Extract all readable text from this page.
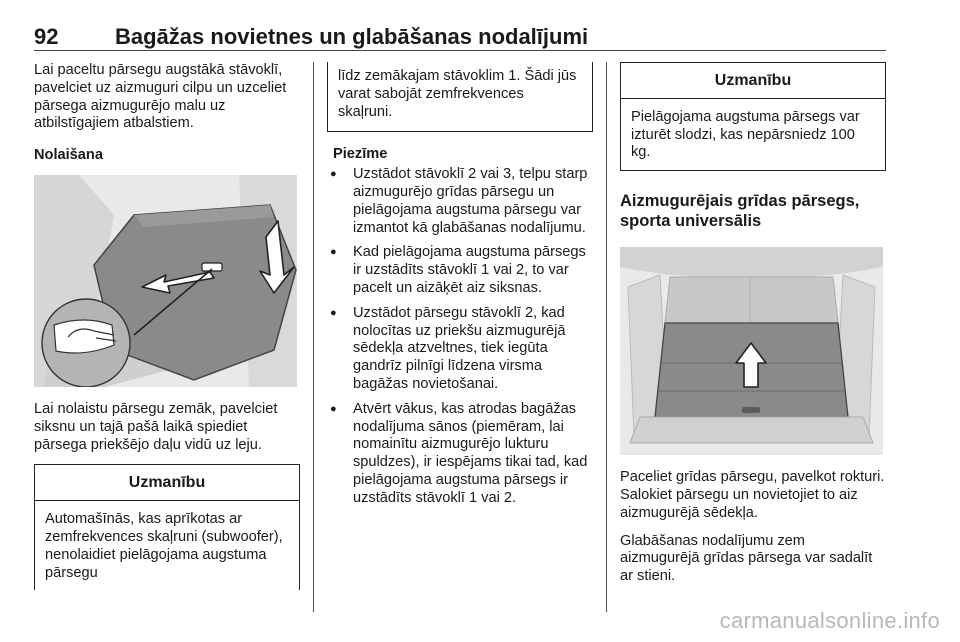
92	Bagāžas novietnes un glabāšanas nodalījumi

Lai paceltu pārsegu augstākā stāvoklī, pavelciet uz aizmuguri cilpu un uzceliet pārsega aizmugurējo malu uz atbilstīgajiem atbalstiem.

Nolaišana

Lai nolaistu pārsegu zemāk, pavelciet siksnu un tajā pašā laikā spiediet pārsega priekšējo daļu vidū uz leju.

Uzmanību

Automašīnās, kas aprīkotas ar zemfrekvences skaļruni (subwoofer), nenolaidiet pielāgojama augstuma pārsegu

līdz zemākajam stāvoklim 1. Šādi jūs varat sabojāt zemfrekvences skaļruni.

Piezīme
● Uzstādot stāvoklī 2 vai 3, telpu starp aizmugurējo grīdas pārsegu un pielāgojama augstuma pārsegu var izmantot kā glabāšanas nodalījumu.
● Kad pielāgojama augstuma pārsegs ir uzstādīts stāvoklī 1 vai 2, to var pacelt un aizāķēt aiz siksnas.
● Uzstādot pārsegu stāvoklī 2, kad nolocītas uz priekšu aizmugurējā sēdekļa atzveltnes, tiek iegūta gandrīz pilnīgi līdzena virsma bagāžas novietošanai.
● Atvērt vākus, kas atrodas bagāžas nodalījuma sānos (piemēram, lai nomainītu aizmugurējo lukturu spuldzes), ir iespējams tikai tad, kad pielāgojama augstuma pārsegs ir uzstādīts stāvoklī 1 vai 2.
Uzmanību

Pielāgojama augstuma pārsegs var izturēt slodzi, kas nepārsniedz 100 kg.

Aizmugurējais grīdas pārsegs, sporta universālis

Paceliet grīdas pārsegu, pavelkot rokturi. Salokiet pārsegu un novietojiet to aiz aizmugurējā sēdekļa.

Glabāšanas nodalījumu zem aizmugurējā grīdas pārsega var sadalīt ar stieni.

carmanualsonline.info
